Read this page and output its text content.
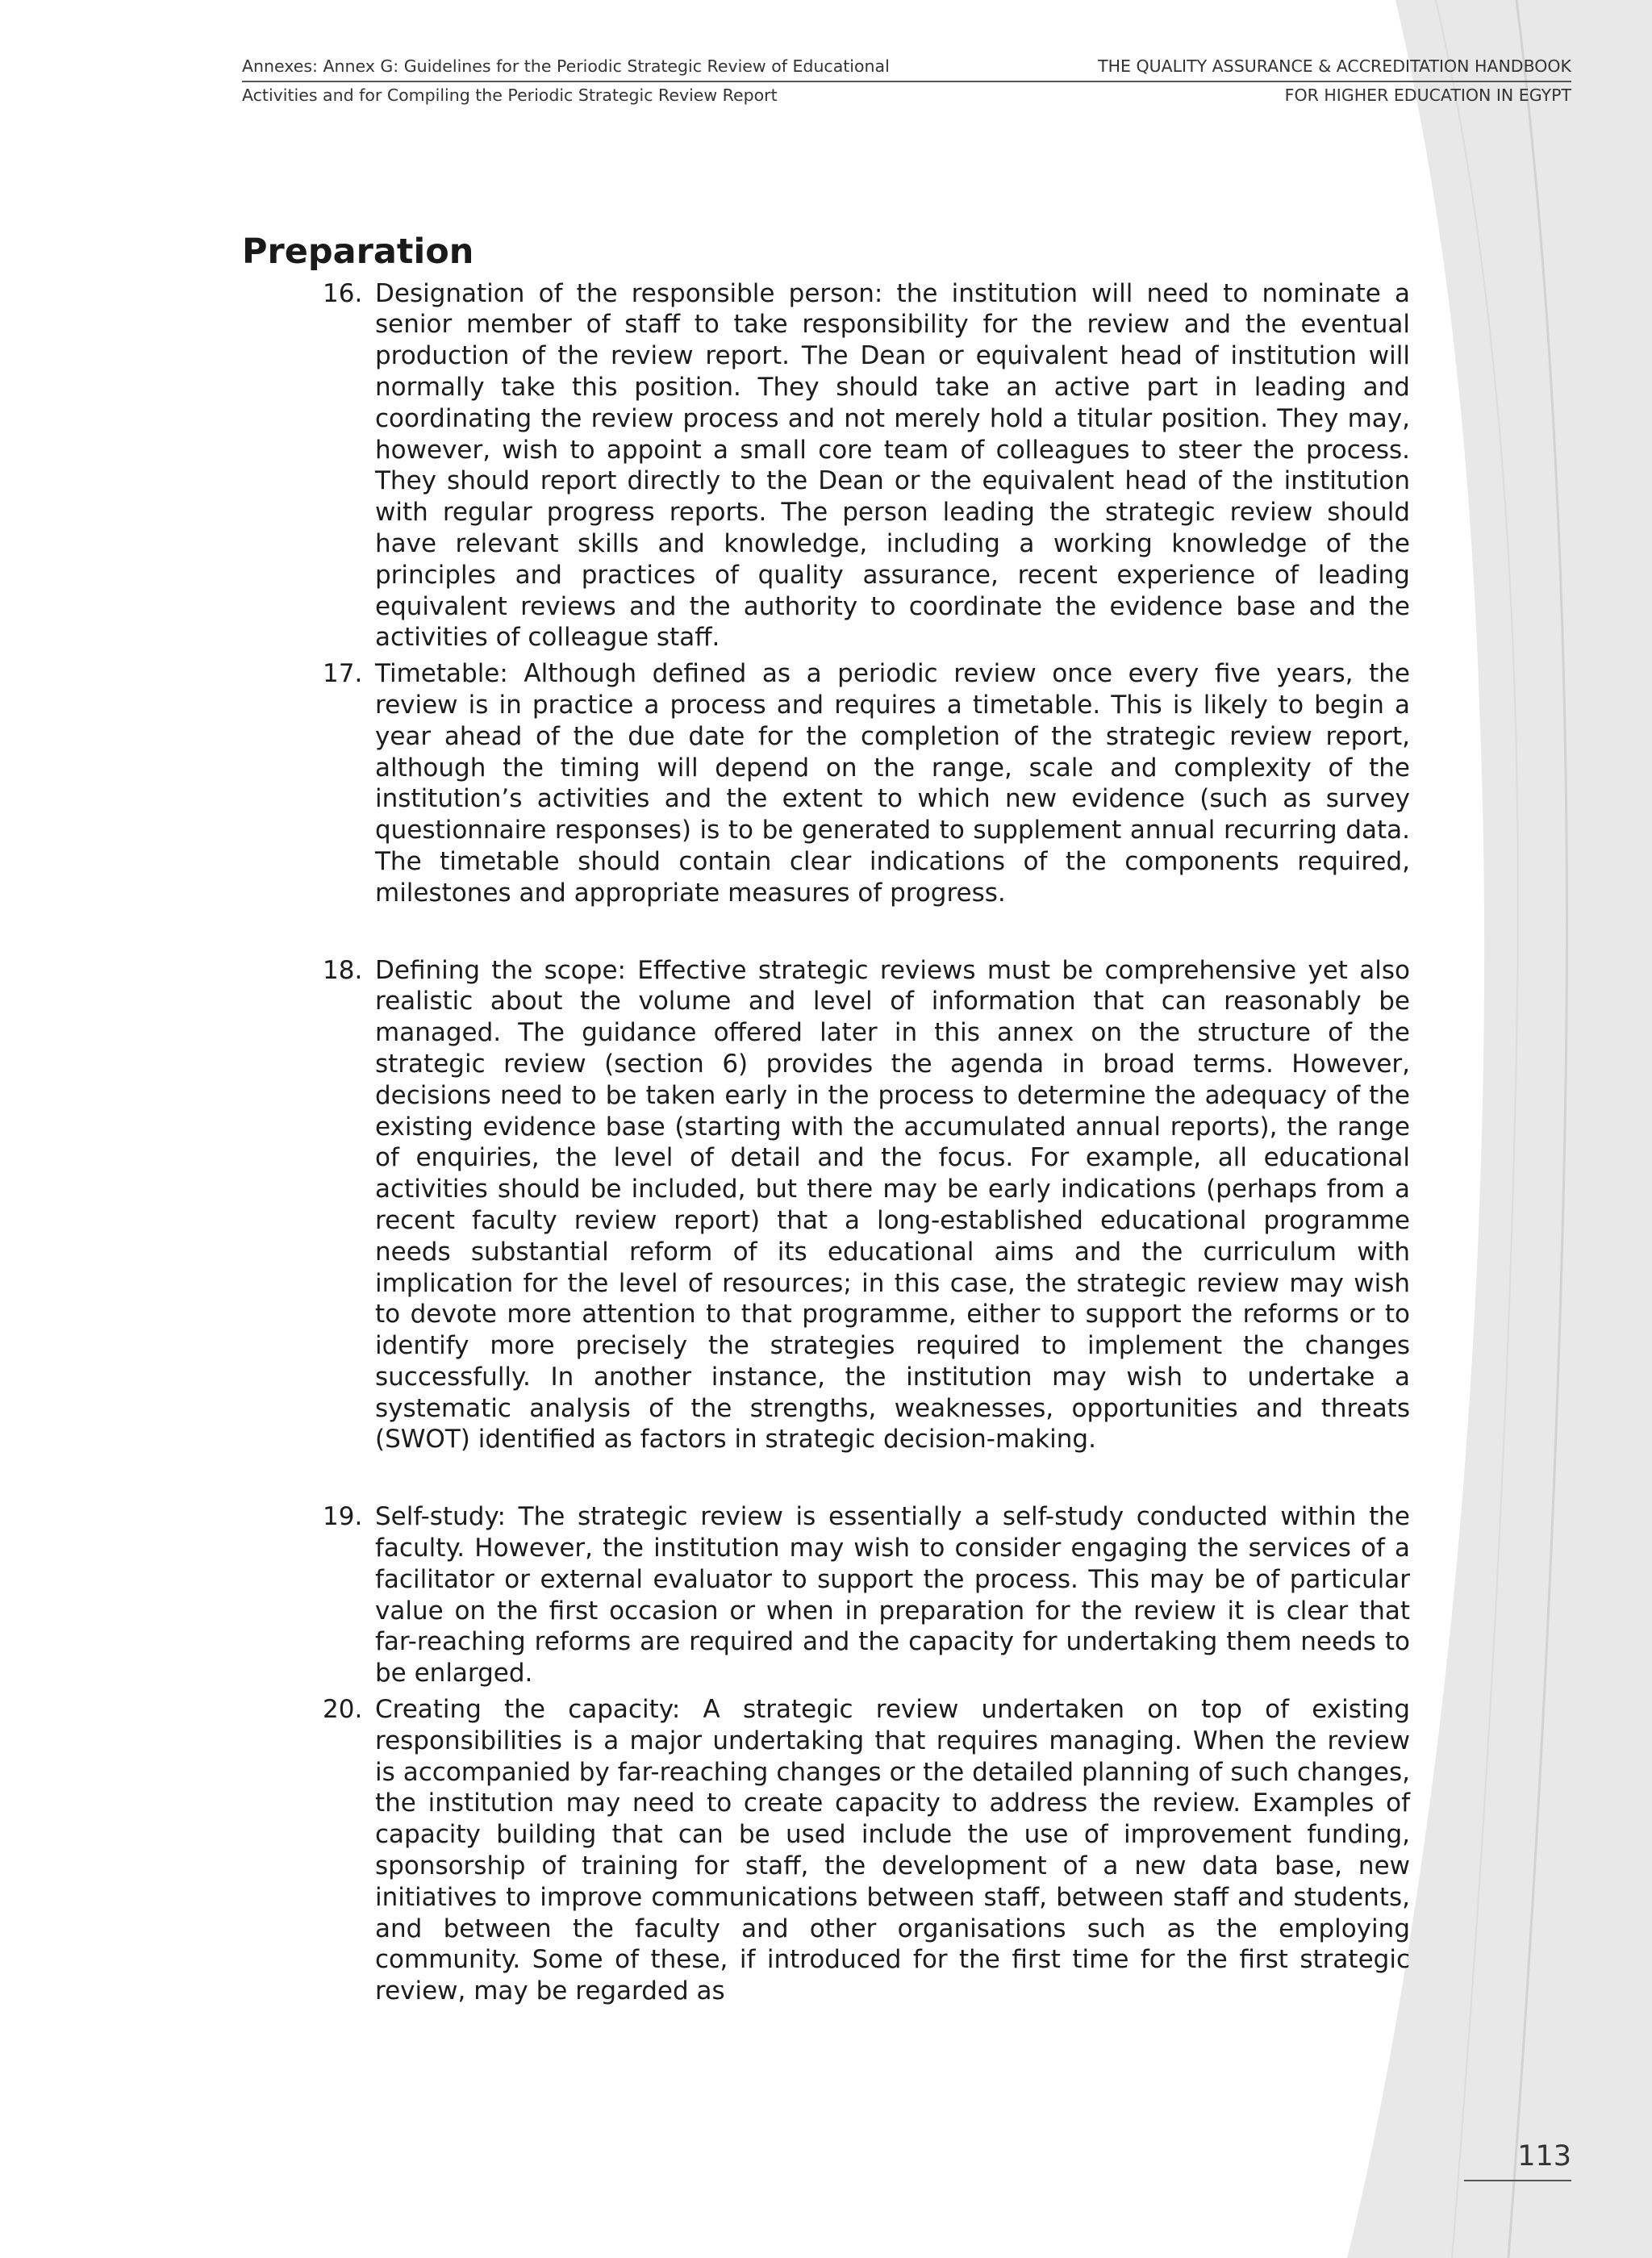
Annexes: Annex G: Guidelines for the Periodic Strategic Review of Educational	THE QUALITY ASSURANCE & ACCREDITATION HANDBOOK
Activities and for Compiling the Periodic Strategic Review Report	FOR HIGHER EDUCATION IN EGYPT
Preparation
16. Designation of the responsible person: the institution will need to nominate a senior member of staff to take responsibility for the review and the eventual production of the review report. The Dean or equivalent head of institution will normally take this position. They should take an active part in leading and coordinating the review process and not merely hold a titular position. They may, however, wish to appoint a small core team of colleagues to steer the process. They should report directly to the Dean or the equivalent head of the institution with regular progress reports. The person leading the strategic review should have relevant skills and knowledge, including a working knowledge of the principles and practices of quality assurance, recent experience of leading equivalent reviews and the authority to coordinate the evidence base and the activities of colleague staff.
17. Timetable: Although defined as a periodic review once every five years, the review is in practice a process and requires a timetable. This is likely to begin a year ahead of the due date for the completion of the strategic review report, although the timing will depend on the range, scale and complexity of the institution’s activities and the extent to which new evidence (such as survey questionnaire responses) is to be generated to supplement annual recurring data. The timetable should contain clear indications of the components required, milestones and appropriate measures of progress.
18. Defining the scope: Effective strategic reviews must be comprehensive yet also realistic about the volume and level of information that can reasonably be managed. The guidance offered later in this annex on the structure of the strategic review (section 6) provides the agenda in broad terms. However, decisions need to be taken early in the process to determine the adequacy of the existing evidence base (starting with the accumulated annual reports), the range of enquiries, the level of detail and the focus. For example, all educational activities should be included, but there may be early indications (perhaps from a recent faculty review report) that a long-established educational programme needs substantial reform of its educational aims and the curriculum with implication for the level of resources; in this case, the strategic review may wish to devote more attention to that programme, either to support the reforms or to identify more precisely the strategies required to implement the changes successfully. In another instance, the institution may wish to undertake a systematic analysis of the strengths, weaknesses, opportunities and threats (SWOT) identified as factors in strategic decision-making.
19. Self-study: The strategic review is essentially a self-study conducted within the faculty. However, the institution may wish to consider engaging the services of a facilitator or external evaluator to support the process. This may be of particular value on the first occasion or when in preparation for the review it is clear that far-reaching reforms are required and the capacity for undertaking them needs to be enlarged.
20. Creating the capacity: A strategic review undertaken on top of existing responsibilities is a major undertaking that requires managing. When the review is accompanied by far-reaching changes or the detailed planning of such changes, the institution may need to create capacity to address the review. Examples of capacity building that can be used include the use of improvement funding, sponsorship of training for staff, the development of a new data base, new initiatives to improve communications between staff, between staff and students, and between the faculty and other organisations such as the employing community. Some of these, if introduced for the first time for the first strategic review, may be regarded as
113
